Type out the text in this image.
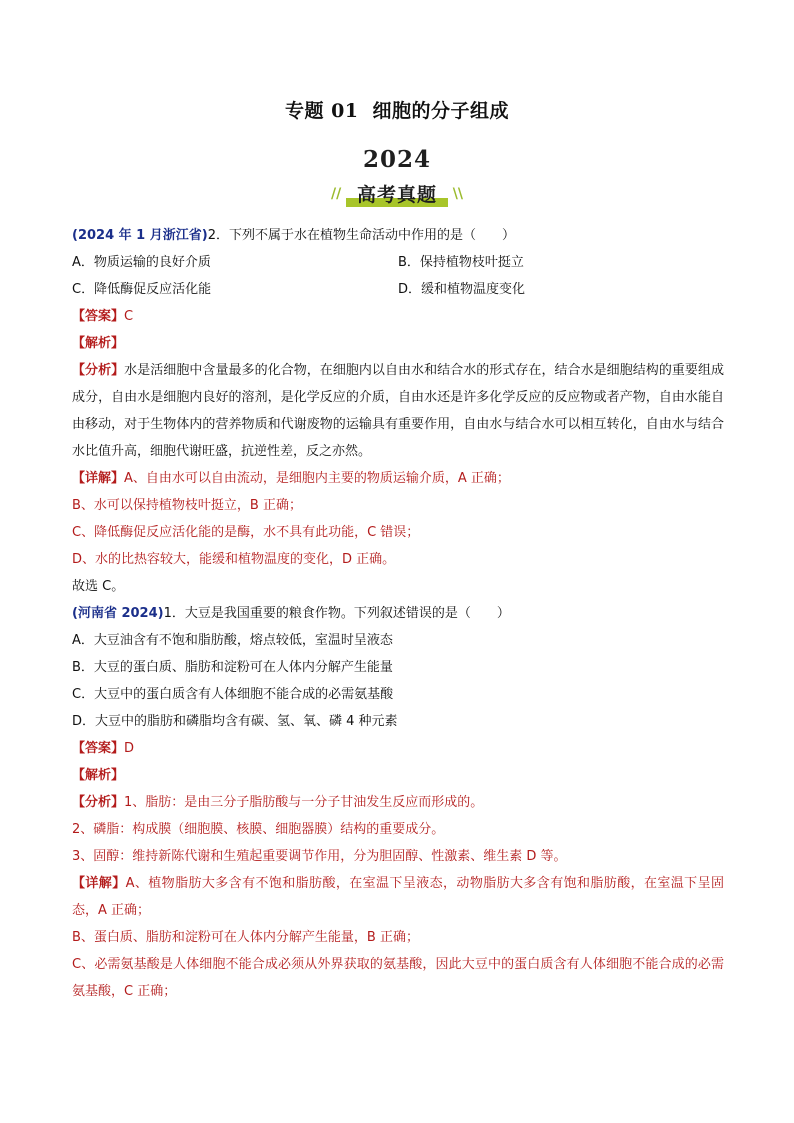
专题 01 细胞的分子组成
2024
// 高考真题	\\
(2024 年 1 月浙江省)2．下列不属于水在植物生命活动中作用的是（　　）
A．物质运输的良好介质	B．保持植物枝叶挺立
C．降低酶促反应活化能	D．缓和植物温度变化
【答案】C
【解析】
【分析】水是活细胞中含量最多的化合物，在细胞内以自由水和结合水的形式存在，结合水是细胞结构的重要组成成分，自由水是细胞内良好的溶剂，是化学反应的介质，自由水还是许多化学反应的反应物或者产物，自由水能自由移动，对于生物体内的营养物质和代谢废物的运输具有重要作用，自由水与结合水可以相互转化，自由水与结合水比值升高，细胞代谢旺盛，抗逆性差，反之亦然。
【详解】A、自由水可以自由流动，是细胞内主要的物质运输介质，A 正确；
B、水可以保持植物枝叶挺立，B 正确；
C、降低酶促反应活化能的是酶，水不具有此功能，C 错误；
D、水的比热容较大，能缓和植物温度的变化，D 正确。
故选 C。
(河南省 2024)1．大豆是我国重要的粮食作物。下列叙述错误的是（　　）
A．大豆油含有不饱和脂肪酸，熔点较低，室温时呈液态
B．大豆的蛋白质、脂肪和淀粉可在人体内分解产生能量
C．大豆中的蛋白质含有人体细胞不能合成的必需氨基酸
D．大豆中的脂肪和磷脂均含有碳、氢、氧、磷 4 种元素
【答案】D
【解析】
【分析】1、脂肪：是由三分子脂肪酸与一分子甘油发生反应而形成的。
2、磷脂：构成膜（细胞膜、核膜、细胞器膜）结构的重要成分。
3、固醇：维持新陈代谢和生殖起重要调节作用，分为胆固醇、性激素、维生素 D 等。
【详解】A、植物脂肪大多含有不饱和脂肪酸，在室温下呈液态，动物脂肪大多含有饱和脂肪酸，在室温下呈固态，A 正确；
B、蛋白质、脂肪和淀粉可在人体内分解产生能量，B 正确；
C、必需氨基酸是人体细胞不能合成必须从外界获取的氨基酸，因此大豆中的蛋白质含有人体细胞不能合成的必需氨基酸，C 正确；
